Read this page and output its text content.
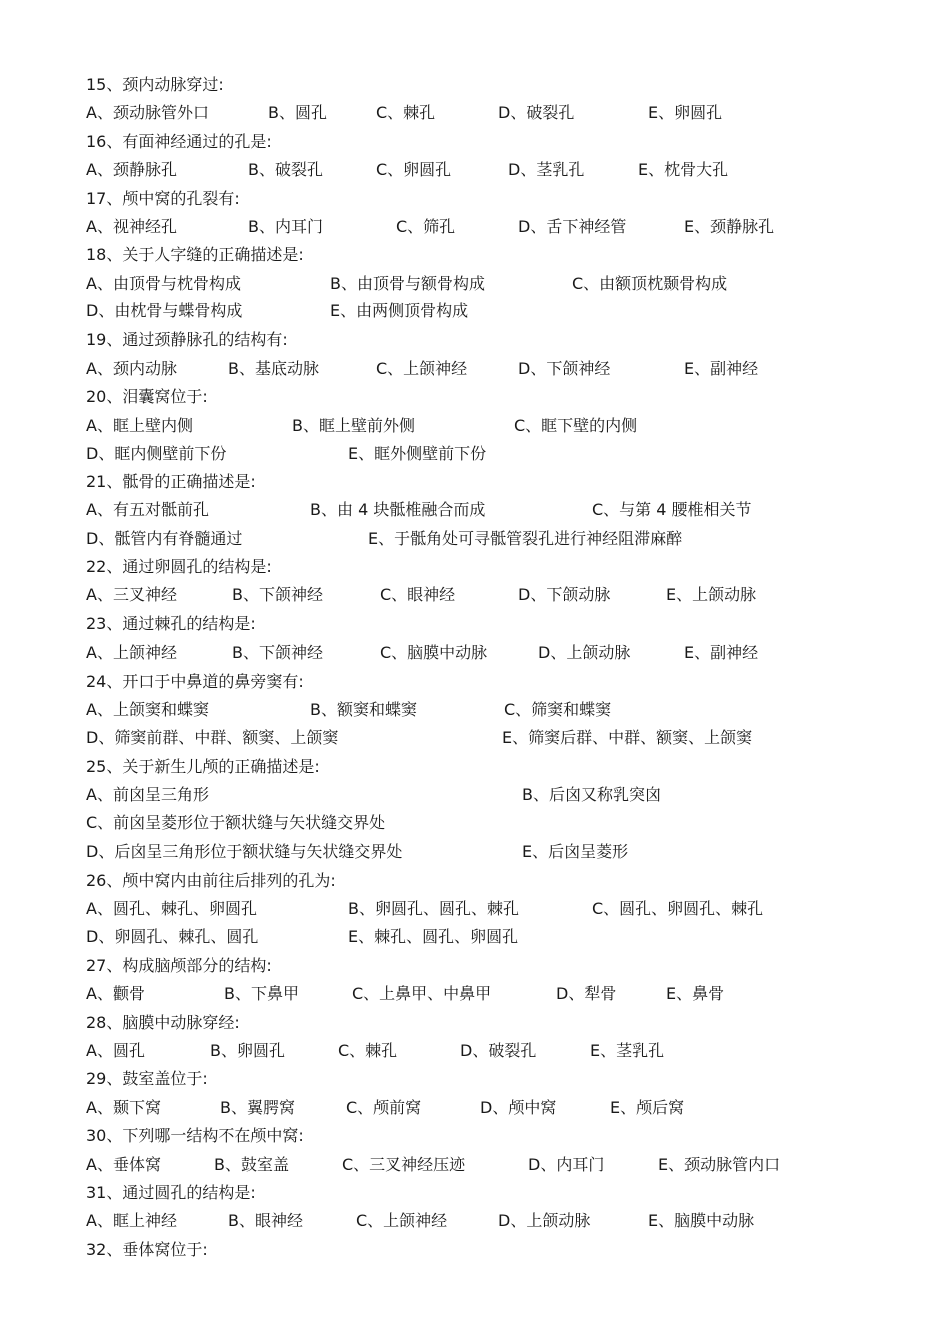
15、颈内动脉穿过:
A、颈动脉管外口	B、圆孔	C、棘孔	D、破裂孔	E、卵圆孔
16、有面神经通过的孔是:
A、颈静脉孔	B、破裂孔	C、卵圆孔	D、茎乳孔	E、枕骨大孔
17、颅中窝的孔裂有:
A、视神经孔	B、内耳门	C、筛孔	D、舌下神经管	E、颈静脉孔
18、关于人字缝的正确描述是:
A、由顶骨与枕骨构成	B、由顶骨与额骨构成	C、由额顶枕颞骨构成
D、由枕骨与蝶骨构成	E、由两侧顶骨构成
19、通过颈静脉孔的结构有:
A、颈内动脉	B、基底动脉	C、上颌神经	D、下颌神经	E、副神经
20、泪囊窝位于:
A、眶上壁内侧	B、眶上壁前外侧	C、眶下壁的内侧
D、眶内侧壁前下份	E、眶外侧壁前下份
21、骶骨的正确描述是:
A、有五对骶前孔	B、由 4 块骶椎融合而成	C、与第 4 腰椎相关节
D、骶管内有脊髓通过	E、于骶角处可寻骶管裂孔进行神经阻滞麻醉
22、通过卵圆孔的结构是:
A、三叉神经	B、下颌神经	C、眼神经	D、下颌动脉	E、上颌动脉
23、通过棘孔的结构是:
A、上颌神经	B、下颌神经	C、脑膜中动脉	D、上颌动脉	E、副神经
24、开口于中鼻道的鼻旁窦有:
A、上颌窦和蝶窦	B、额窦和蝶窦	C、筛窦和蝶窦
D、筛窦前群、中群、额窦、上颌窦	E、筛窦后群、中群、额窦、上颌窦
25、关于新生儿颅的正确描述是:
A、前囟呈三角形	B、后囟又称乳突囟
C、前囟呈菱形位于额状缝与矢状缝交界处
D、后囟呈三角形位于额状缝与矢状缝交界处	E、后囟呈菱形
26、颅中窝内由前往后排列的孔为:
A、圆孔、棘孔、卵圆孔	B、卵圆孔、圆孔、棘孔	C、圆孔、卵圆孔、棘孔
D、卵圆孔、棘孔、圆孔	E、棘孔、圆孔、卵圆孔
27、构成脑颅部分的结构:
A、颧骨	B、下鼻甲	C、上鼻甲、中鼻甲	D、犁骨	E、鼻骨
28、脑膜中动脉穿经:
A、圆孔	B、卵圆孔	C、棘孔	D、破裂孔	E、茎乳孔
29、鼓室盖位于:
A、颞下窝	B、翼腭窝	C、颅前窝	D、颅中窝	E、颅后窝
30、下列哪一结构不在颅中窝:
A、垂体窝	B、鼓室盖	C、三叉神经压迹	D、内耳门	E、颈动脉管内口
31、通过圆孔的结构是:
A、眶上神经	B、眼神经	C、上颌神经	D、上颌动脉	E、脑膜中动脉
32、垂体窝位于:
